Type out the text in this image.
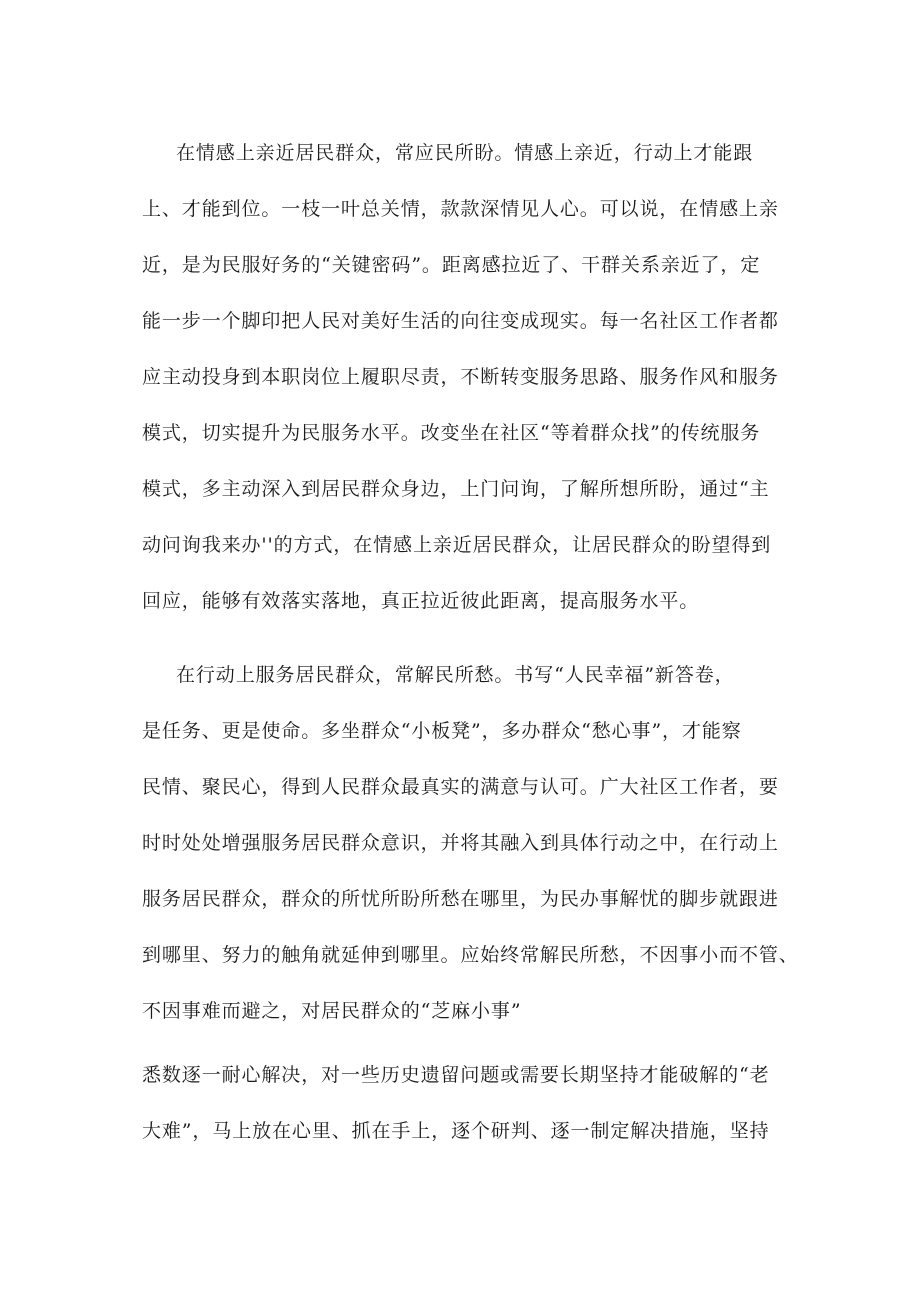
在情感上亲近居民群众，常应民所盼。情感上亲近，行动上才能跟
上、才能到位。一枝一叶总关情，款款深情见人心。可以说，在情感上亲
近，是为民服好务的“关键密码”。距离感拉近了、干群关系亲近了，定
能一步一个脚印把人民对美好生活的向往变成现实。每一名社区工作者都
应主动投身到本职岗位上履职尽责，不断转变服务思路、服务作风和服务
模式，切实提升为民服务水平。改变坐在社区“等着群众找”的传统服务
模式，多主动深入到居民群众身边，上门问询，了解所想所盼，通过“主
动问询我来办''的方式，在情感上亲近居民群众，让居民群众的盼望得到
回应，能够有效落实落地，真正拉近彼此距离，提高服务水平。
在行动上服务居民群众，常解民所愁。书写“人民幸福”新答卷，
是任务、更是使命。多坐群众“小板凳”，多办群众“愁心事”，才能察
民情、聚民心，得到人民群众最真实的满意与认可。广大社区工作者，要
时时处处增强服务居民群众意识，并将其融入到具体行动之中，在行动上
服务居民群众，群众的所忧所盼所愁在哪里，为民办事解忧的脚步就跟进
到哪里、努力的触角就延伸到哪里。应始终常解民所愁，不因事小而不管、
不因事难而避之，对居民群众的“芝麻小事”
悉数逐一耐心解决，对一些历史遗留问题或需要长期坚持才能破解的“老
大难”，马上放在心里、抓在手上，逐个研判、逐一制定解决措施，坚持
